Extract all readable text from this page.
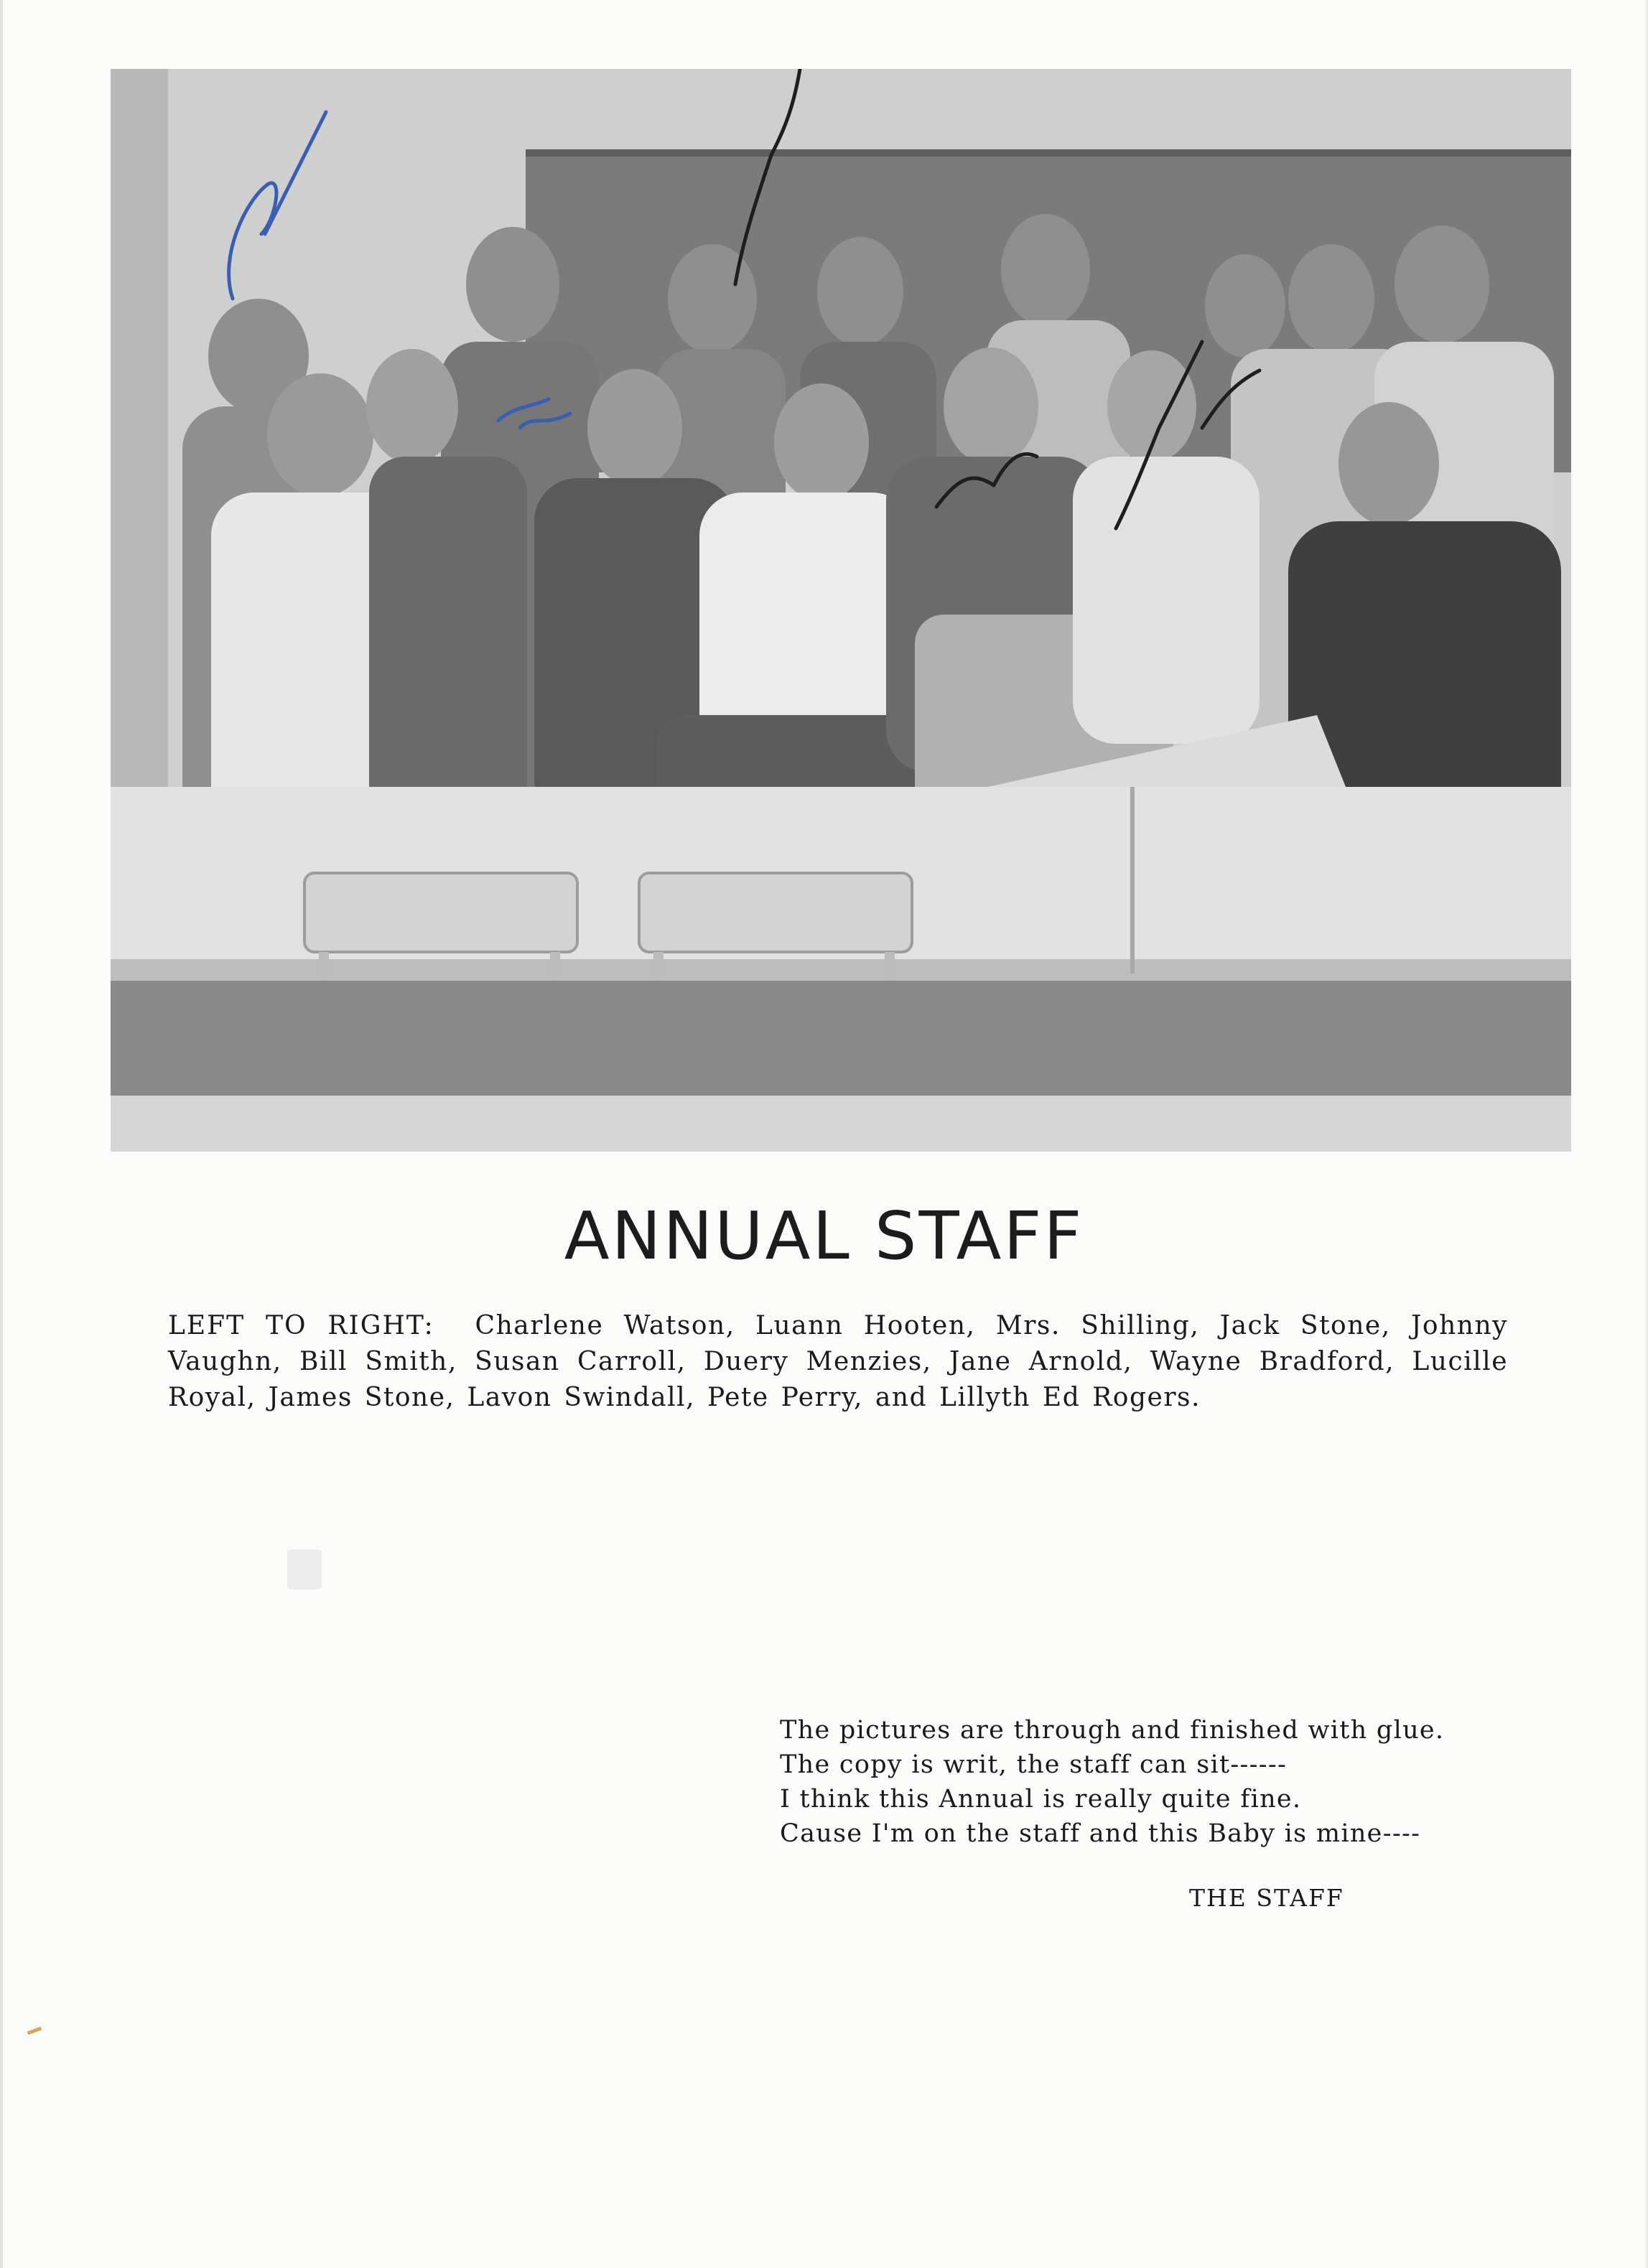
ANNUAL STAFF

LEFT TO RIGHT: Charlene Watson, Luann Hooten, Mrs. Shilling, Jack Stone, Johnny Vaughn, Bill Smith, Susan Carroll, Duery Menzies, Jane Arnold, Wayne Bradford, Lucille Royal, James Stone, Lavon Swindall, Pete Perry, and Lillyth Ed Rogers.

The pictures are through and finished with glue.
The copy is writ, the staff can sit------
I think this Annual is really quite fine.
Cause I'm on the staff and this Baby is mine----
THE STAFF
